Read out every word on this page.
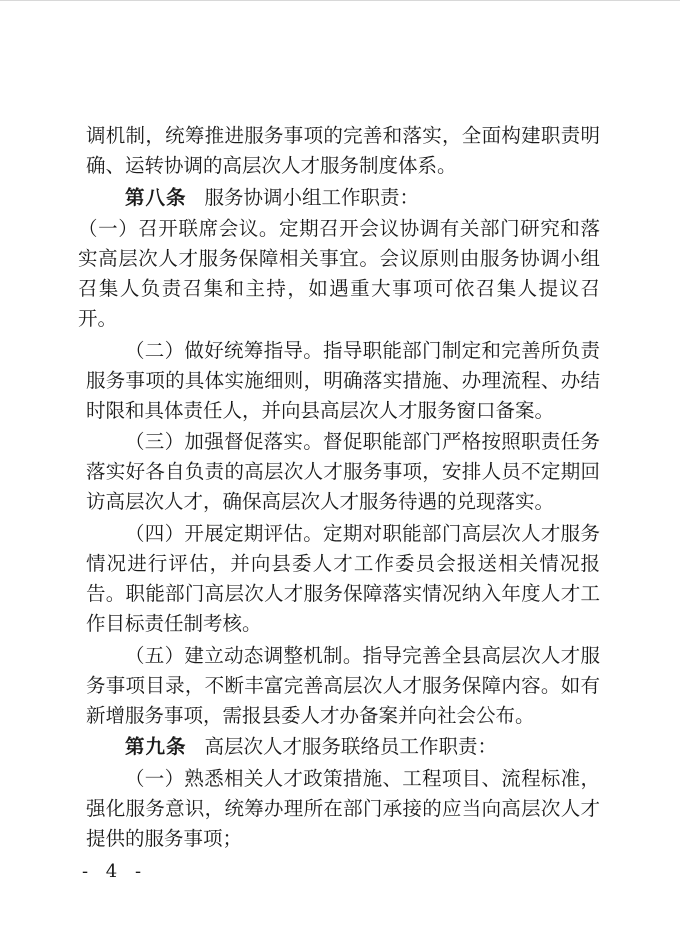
调机制，统筹推进服务事项的完善和落实，全面构建职责明确、运转协调的高层次人才服务制度体系。

第八条 服务协调小组工作职责：

（一）召开联席会议。定期召开会议协调有关部门研究和落实高层次人才服务保障相关事宜。会议原则由服务协调小组召集人负责召集和主持，如遇重大事项可依召集人提议召开。

（二）做好统筹指导。指导职能部门制定和完善所负责服务事项的具体实施细则，明确落实措施、办理流程、办结时限和具体责任人，并向县高层次人才服务窗口备案。

（三）加强督促落实。督促职能部门严格按照职责任务落实好各自负责的高层次人才服务事项，安排人员不定期回访高层次人才，确保高层次人才服务待遇的兑现落实。

（四）开展定期评估。定期对职能部门高层次人才服务情况进行评估，并向县委人才工作委员会报送相关情况报告。职能部门高层次人才服务保障落实情况纳入年度人才工作目标责任制考核。

（五）建立动态调整机制。指导完善全县高层次人才服务事项目录，不断丰富完善高层次人才服务保障内容。如有新增服务事项，需报县委人才办备案并向社会公布。

第九条 高层次人才服务联络员工作职责：

（一）熟悉相关人才政策措施、工程项目、流程标准，强化服务意识，统筹办理所在部门承接的应当向高层次人才提供的服务事项；

- 4 -
